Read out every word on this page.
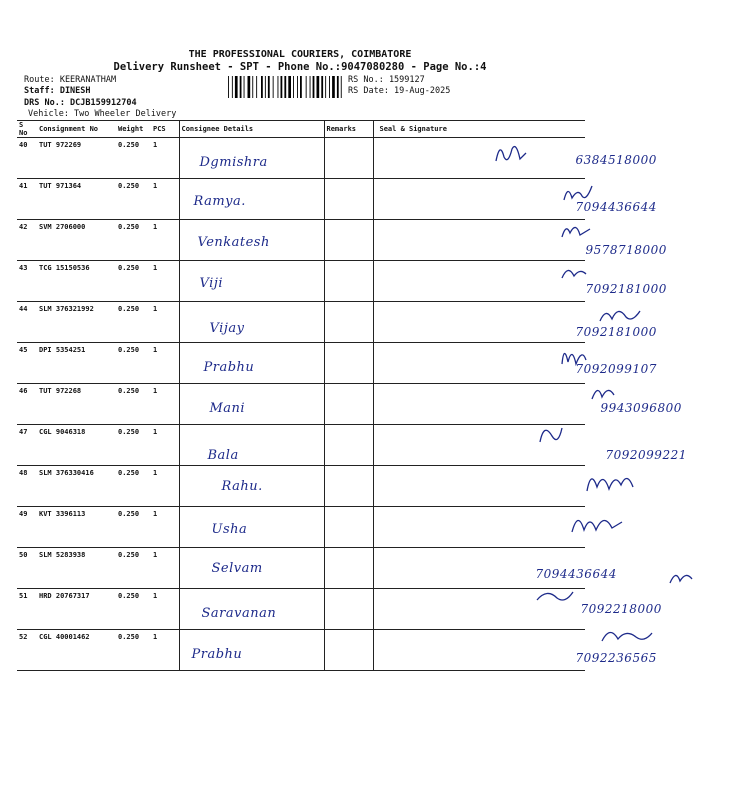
THE PROFESSIONAL COURIERS, COIMBATORE
Delivery Runsheet - SPT - Phone No.:9047080280 - Page No.:4
Route: KEERANATHAM
Staff: DINESH
DRS No.: DCJB159912704
Vehicle: Two Wheeler Delivery
RS No.: 1599127
RS Date: 19-Aug-2025
S No	Consignment No	Weight	PCS	Consignee Details	Remarks	Seal & Signature
40	TUT 972269	0.250	1	Dgmishra		6384518000

41	TUT 971364	0.250	1	Ramya.		7094436644

42	SVM 2706000	0.250	1	Venkatesh		9578718000

43	TCG 15150536	0.250	1	Viji		7092181000

44	SLM 376321992	0.250	1	Vijay		7092181000

45	DPI 5354251	0.250	1	Prabhu		7092099107

46	TUT 972268	0.250	1	Mani		9943096800

47	CGL 9046318	0.250	1	Bala		7092099221

48	SLM 376330416	0.250	1	Rahu.

49	KVT 3396113	0.250	1	Usha

50	SLM 5283938	0.250	1	Selvam		7094436644

51	HRD 20767317	0.250	1	Saravanan		7092218000

52	CGL 40001462	0.250	1	Prabhu		7092236565
